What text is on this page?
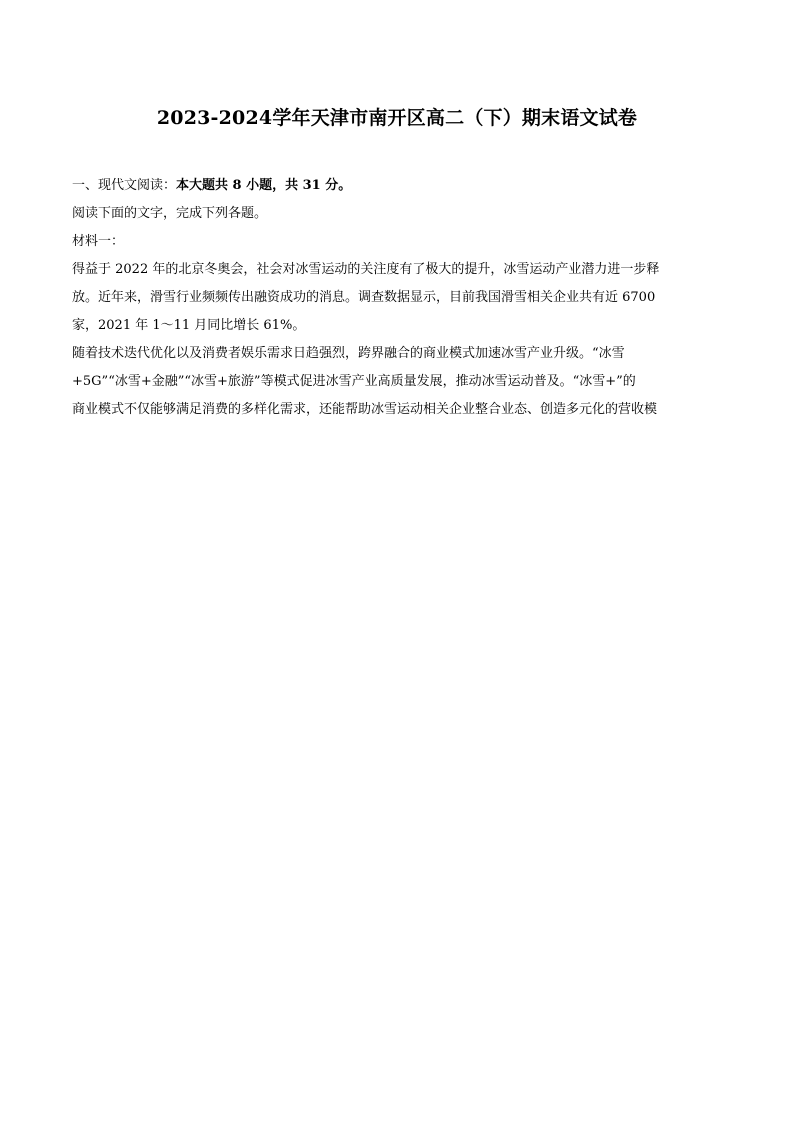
2023-2024学年天津市南开区高二（下）期末语文试卷
一、现代文阅读：本大题共 8 小题，共 31 分。
阅读下面的文字，完成下列各题。
材料一：
得益于 2022 年的北京冬奥会，社会对冰雪运动的关注度有了极大的提升，冰雪运动产业潜力进一步释
放。近年来，滑雪行业频频传出融资成功的消息。调查数据显示，目前我国滑雪相关企业共有近 6700
家，2021 年 1～11 月同比增长 61%。
随着技术迭代优化以及消费者娱乐需求日趋强烈，跨界融合的商业模式加速冰雪产业升级。“冰雪
+5G”“冰雪+金融”“冰雪+旅游”等模式促进冰雪产业高质量发展，推动冰雪运动普及。“冰雪+”的
商业模式不仅能够满足消费的多样化需求，还能帮助冰雪运动相关企业整合业态、创造多元化的营收模
